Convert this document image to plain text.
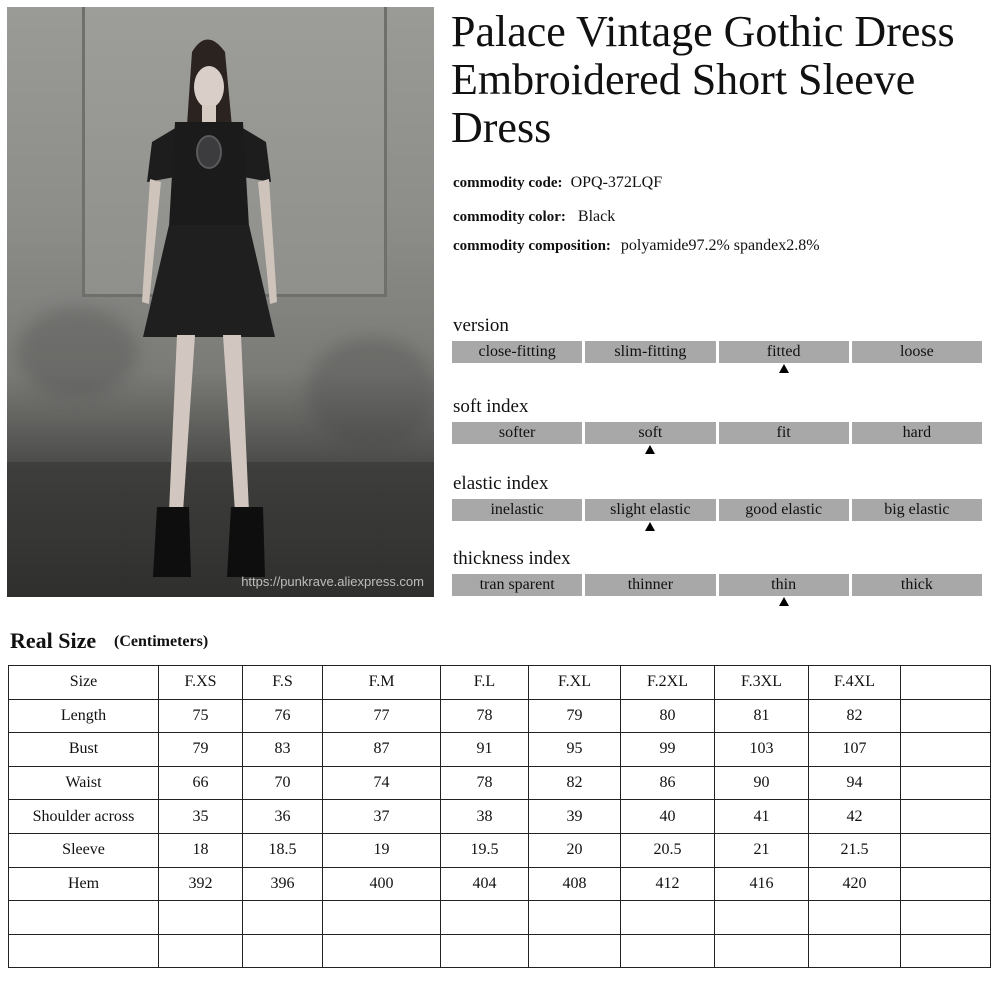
https://punkrave.aliexpress.com
Palace Vintage Gothic Dress Embroidered Short Sleeve Dress
commodity code: OPQ-372LQF
commodity color: Black
commodity composition: polyamide97.2% spandex2.8%
version
close-fitting	slim-fitting	fitted	loose
soft index
softer	soft	fit	hard
elastic index
inelastic	slight elastic	good elastic	big elastic
thickness index
tran sparent	thinner	thin	thick
Real Size (Centimeters)
Size	F.XS	F.S	F.M	F.L	F.XL	F.2XL	F.3XL	F.4XL	
Length	75	76	77	78	79	80	81	82	
Bust	79	83	87	91	95	99	103	107	
Waist	66	70	74	78	82	86	90	94	
Shoulder across	35	36	37	38	39	40	41	42	
Sleeve	18	18.5	19	19.5	20	20.5	21	21.5	
Hem	392	396	400	404	408	412	416	420	
